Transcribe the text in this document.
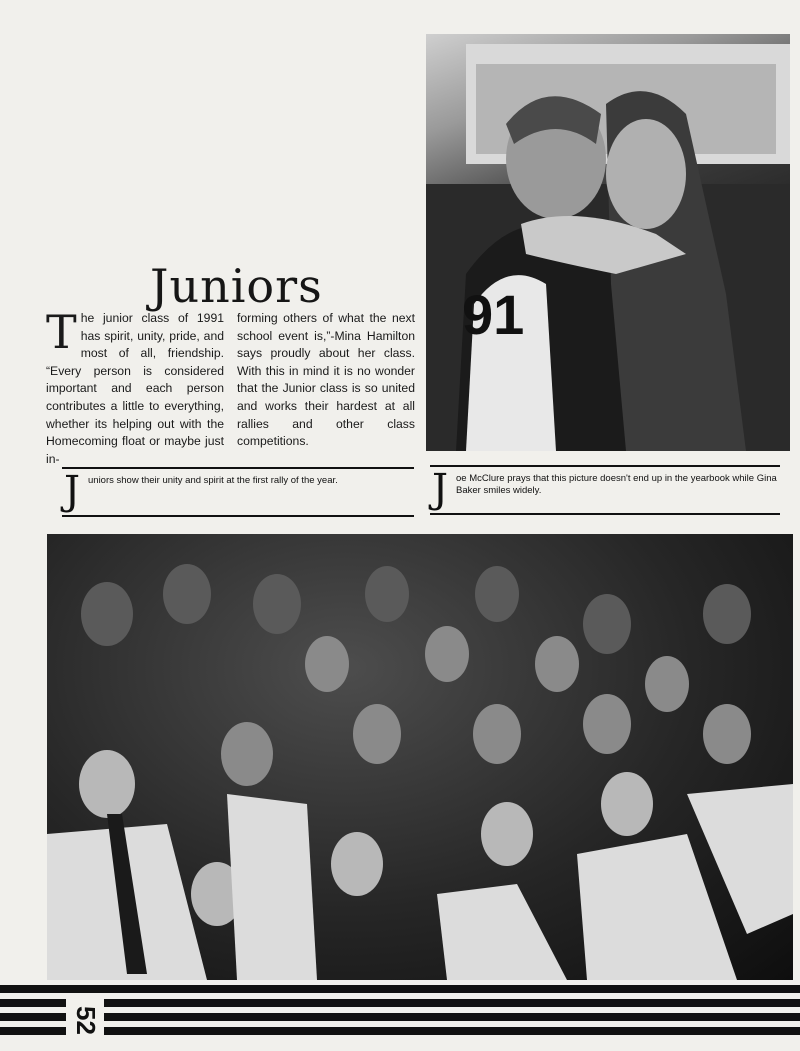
Juniors
The junior class of 1991 has spirit, unity, pride, and most of all, friendship. “Every person is considered important and each person contributes a little to everything, whether its helping out with the Homecoming float or maybe just in-
forming others of what the next school event is,”-Mina Hamilton says proudly about her class. With this in mind it is no wonder that the Junior class is so united and works their hardest at all rallies and other class competitions.
91
J uniors show their unity and spirit at the first rally of the year. J oe McClure prays that this picture doesn't end up in the yearbook while Gina Baker smiles widely.
52
